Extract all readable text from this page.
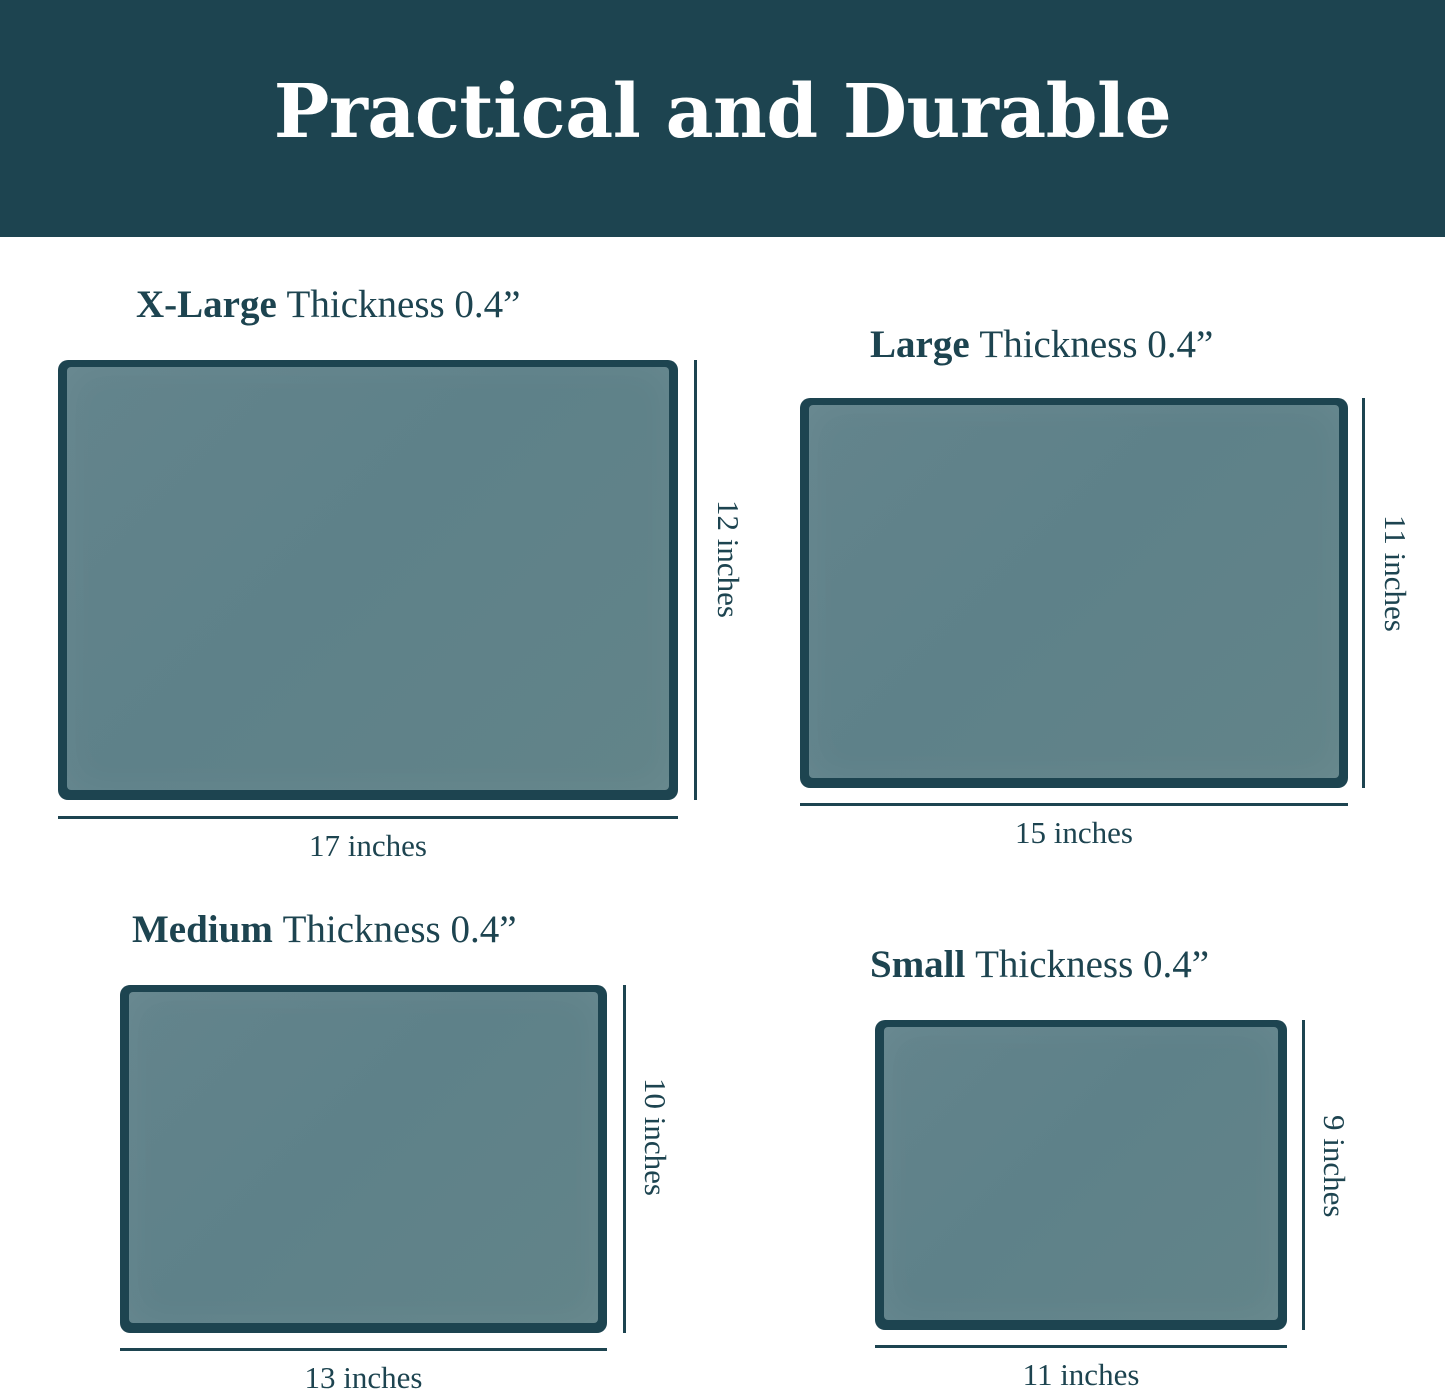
Practical and Durable
X-Large Thickness 0.4”
12 inches
17 inches
Large Thickness 0.4”
11 inches
15 inches
Medium Thickness 0.4”
10 inches
13 inches
Small Thickness 0.4”
9 inches
11 inches
